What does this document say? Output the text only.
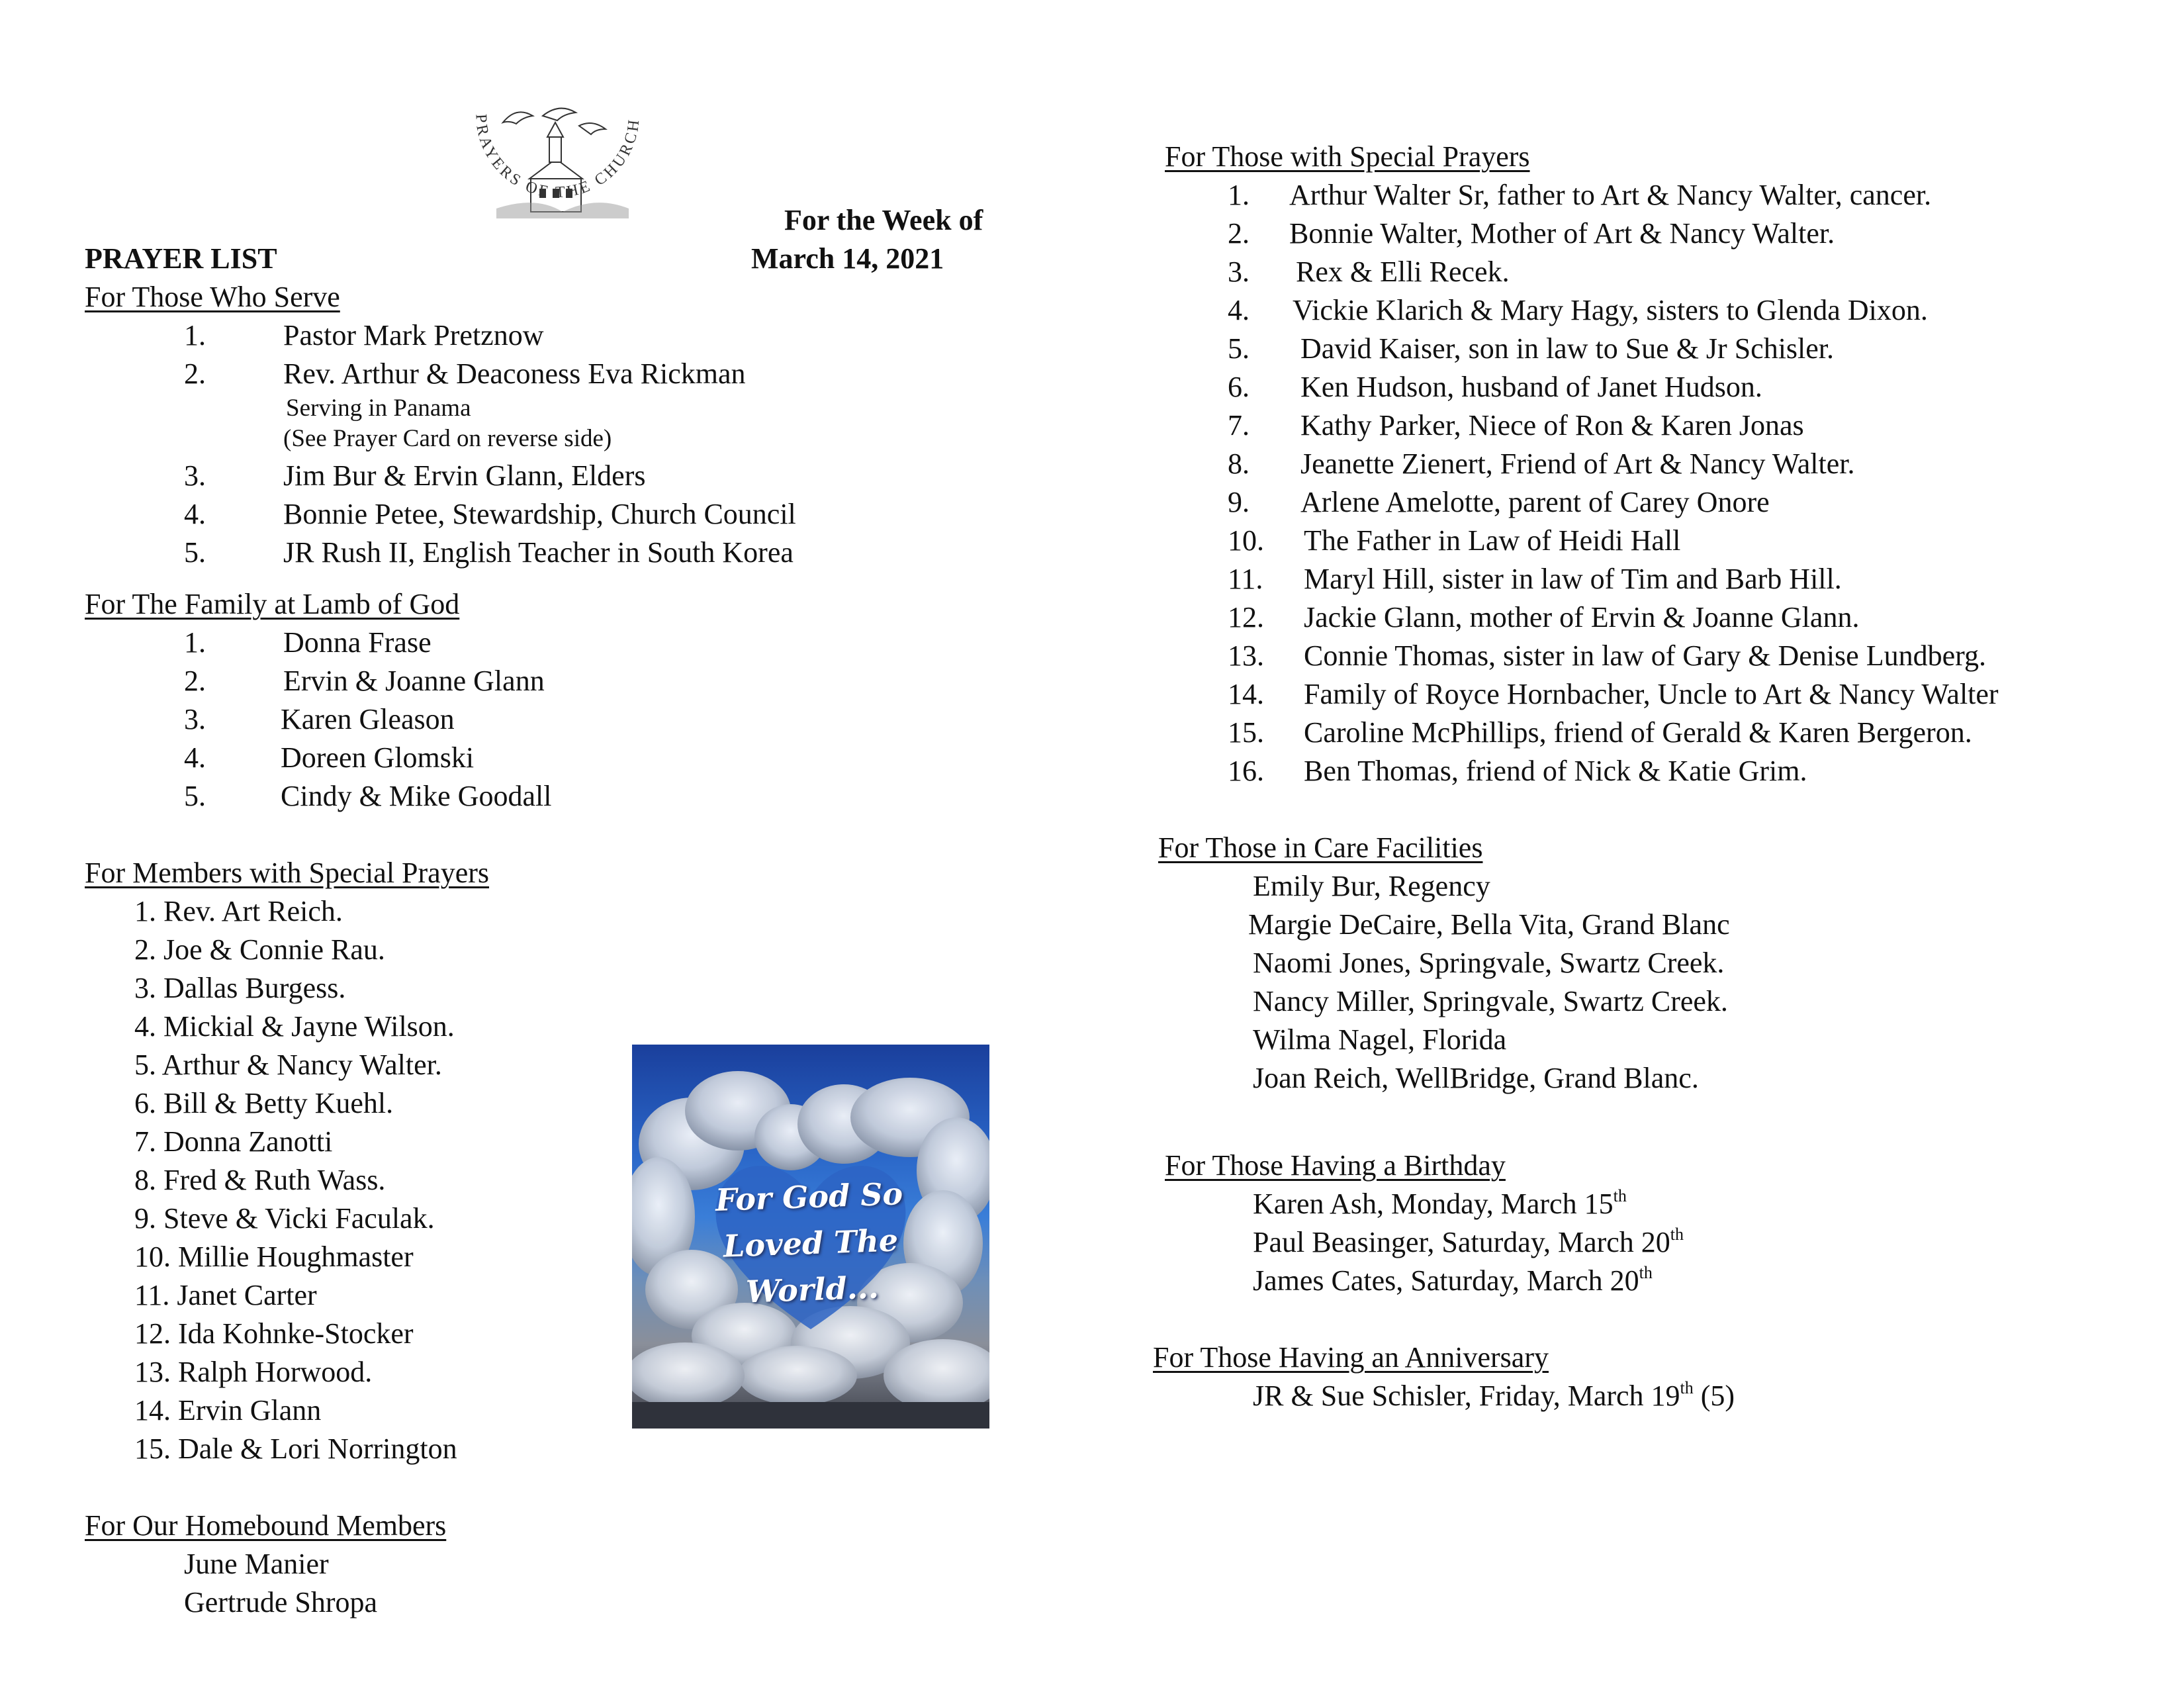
PRAYERS OF THE CHURCH
For the Week of
PRAYER LIST	March 14, 2021
For Those Who Serve
1.	Pastor Mark Pretznow
2.	Rev. Arthur & Deaconess Eva Rickman
Serving in Panama
(See Prayer Card on reverse side)
3.	Jim Bur & Ervin Glann, Elders
4.	Bonnie Petee, Stewardship, Church Council
5.	JR Rush II, English Teacher in South Korea
For The Family at Lamb of God
1.	Donna Frase
2.	Ervin & Joanne Glann
3.	Karen Gleason
4.	Doreen Glomski
5.	Cindy & Mike Goodall
For Members with Special Prayers
1. Rev. Art Reich.
2. Joe & Connie Rau.
3. Dallas Burgess.
4. Mickial & Jayne Wilson.
5. Arthur & Nancy Walter.
6. Bill & Betty Kuehl.
7. Donna Zanotti
8. Fred & Ruth Wass.
9. Steve & Vicki Faculak.
10. Millie Houghmaster
11. Janet Carter
12. Ida Kohnke-Stocker
13. Ralph Horwood.
14. Ervin Glann
15. Dale & Lori Norrington
For Our Homebound Members
June Manier
Gertrude Shropa
For God So
Loved The
World...
For Those with Special Prayers
1. Arthur Walter Sr, father to Art & Nancy Walter, cancer.
2. Bonnie Walter, Mother of Art & Nancy Walter.
3. Rex & Elli Recek.
4. Vickie Klarich & Mary Hagy, sisters to Glenda Dixon.
5. David Kaiser, son in law to Sue & Jr Schisler.
6. Ken Hudson, husband of Janet Hudson.
7. Kathy Parker, Niece of Ron & Karen Jonas
8. Jeanette Zienert, Friend of Art & Nancy Walter.
9. Arlene Amelotte, parent of Carey Onore
10. The Father in Law of Heidi Hall
11. Maryl Hill, sister in law of Tim and Barb Hill.
12. Jackie Glann, mother of Ervin & Joanne Glann.
13. Connie Thomas, sister in law of Gary & Denise Lundberg.
14. Family of Royce Hornbacher, Uncle to Art & Nancy Walter
15. Caroline McPhillips, friend of Gerald & Karen Bergeron.
16. Ben Thomas, friend of Nick & Katie Grim.
For Those in Care Facilities
Emily Bur, Regency
Margie DeCaire, Bella Vita, Grand Blanc
Naomi Jones, Springvale, Swartz Creek.
Nancy Miller, Springvale, Swartz Creek.
Wilma Nagel, Florida
Joan Reich, WellBridge, Grand Blanc.
For Those Having a Birthday
Karen Ash, Monday, March 15th
Paul Beasinger, Saturday, March 20th
James Cates, Saturday, March 20th
For Those Having an Anniversary
JR & Sue Schisler, Friday, March 19th (5)
